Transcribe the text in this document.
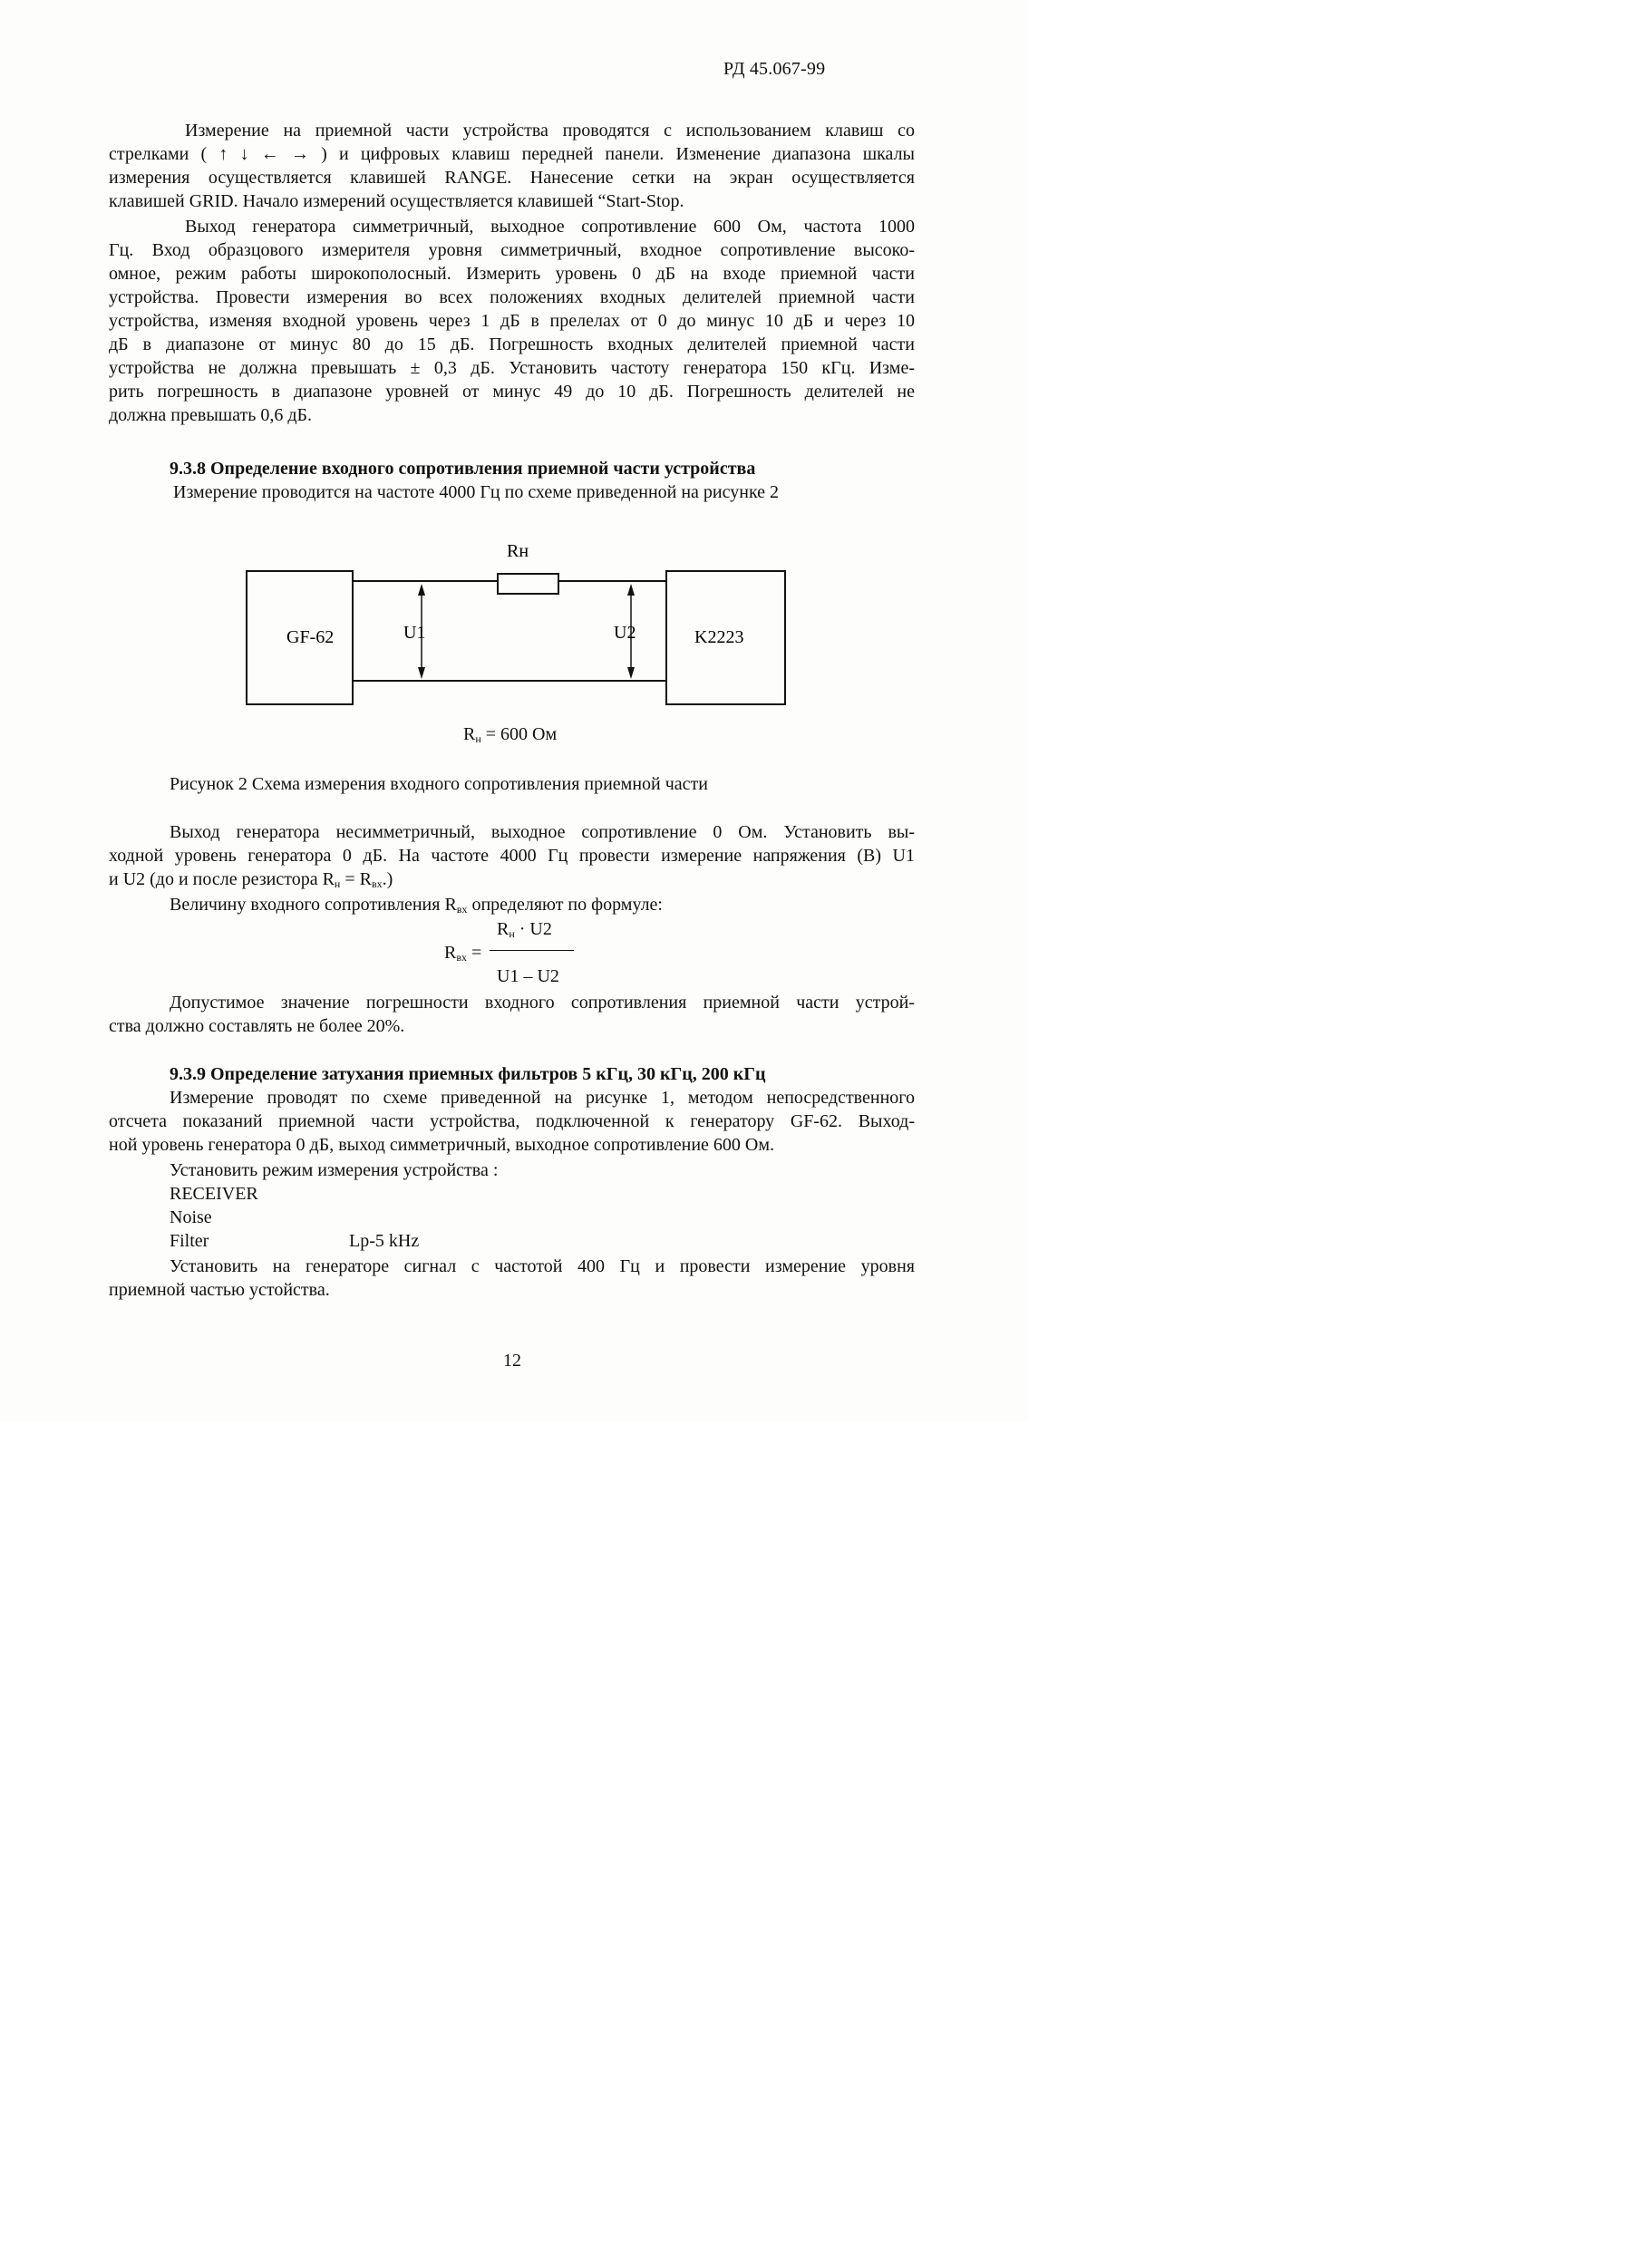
РД 45.067-99
Измерение на приемной части устройства проводятся с использованием клавиш со
стрелками ( ↑ ↓ ← → ) и цифровых клавиш передней панели. Изменение диапазона шкалы
измерения осуществляется клавишей RANGE. Нанесение сетки на экран осуществляется
клавишей GRID. Начало измерений осуществляется клавишей “Start-Stop.
Выход генератора симметричный, выходное сопротивление 600 Ом, частота 1000
Гц. Вход образцового измерителя уровня симметричный, входное сопротивление высоко-
омное, режим работы широкополосный. Измерить уровень 0 дБ на входе приемной части
устройства. Провести измерения во всех положениях входных делителей приемной части
устройства, изменяя входной уровень через 1 дБ в прелелах от 0 до минус 10 дБ и через 10
дБ в диапазоне от минус 80 до 15 дБ. Погрешность входных делителей приемной части
устройства не должна превышать ± 0,3 дБ. Установить частоту генератора 150 кГц. Изме-
рить погрешность в диапазоне уровней от минус 49 до 10 дБ. Погрешность делителей не
должна превышать 0,6 дБ.
9.3.8 Определение входного сопротивления приемной части устройства
Измерение проводится на частоте 4000 Гц по схеме приведенной на рисунке 2
Rн
GF-62	K2223
U1	U2
$R_н = 600$ Ом
Рисунок 2 Схема измерения входного сопротивления приемной части
Выход генератора несимметричный, выходное сопротивление 0 Ом. Установить вы-
ходной уровень генератора 0 дБ. На частоте 4000 Гц провести измерение напряжения (В) U1
и U2 (до и после резистора $R_н = R_{вх}$.)
Величину входного сопротивления $R_{вх}$ определяют по формуле:
$R_н \cdot U2$
$R_{вх}$ =
U1 – U2
Допустимое значение погрешности входного сопротивления приемной части устрой-
ства должно составлять не более 20%.
9.3.9 Определение затухания приемных фильтров 5 кГц, 30 кГц, 200 кГц
Измерение проводят по схеме приведенной на рисунке 1, методом непосредственного
отсчета показаний приемной части устройства, подключенной к генератору GF-62. Выход-
ной уровень генератора 0 дБ, выход симметричный, выходное сопротивление 600 Ом.
Установить режим измерения устройства :
RECEIVER
Noise
Filter	Lp-5 kHz
Установить на генераторе сигнал с частотой 400 Гц и провести измерение уровня
приемной частью устойства.
12
